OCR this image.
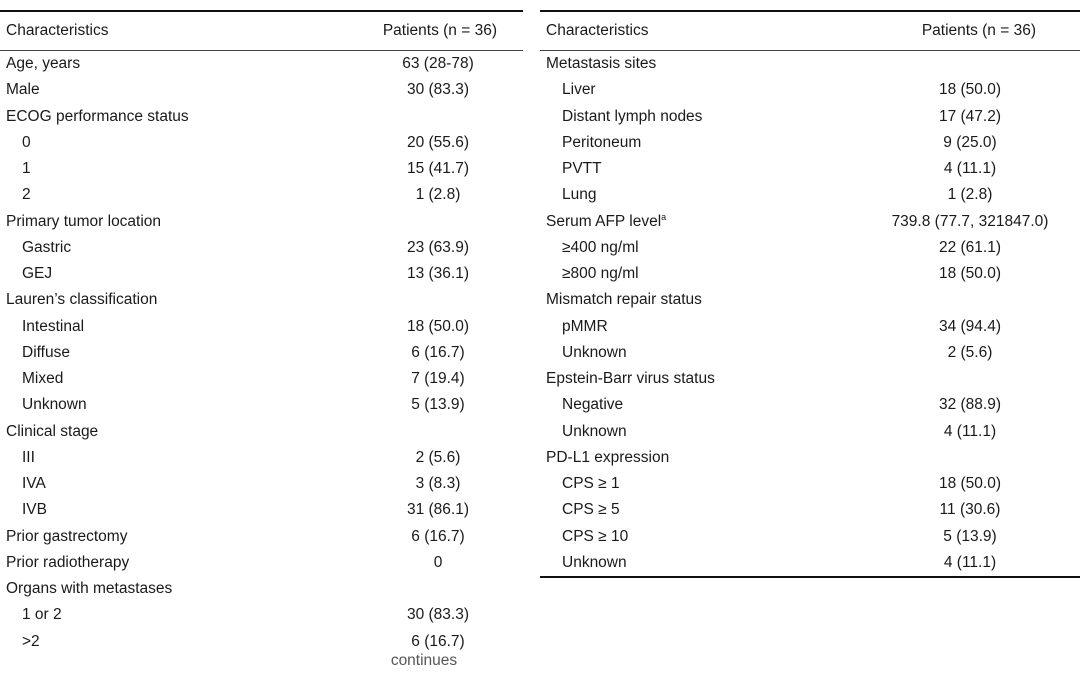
Characteristics	Patients (n = 36)
Age, years	63 (28-78)
Male	30 (83.3)
ECOG performance status
0	20 (55.6)
1	15 (41.7)
2	1 (2.8)
Primary tumor location
Gastric	23 (63.9)
GEJ	13 (36.1)
Lauren’s classification
Intestinal	18 (50.0)
Diffuse	6 (16.7)
Mixed	7 (19.4)
Unknown	5 (13.9)
Clinical stage
III	2 (5.6)
IVA	3 (8.3)
IVB	31 (86.1)
Prior gastrectomy	6 (16.7)
Prior radiotherapy	0
Organs with metastases
1 or 2	30 (83.3)
>2	6 (16.7)
continues
Characteristics	Patients (n = 36)
Metastasis sites
Liver	18 (50.0)
Distant lymph nodes	17 (47.2)
Peritoneum	9 (25.0)
PVTT	4 (11.1)
Lung	1 (2.8)
Serum AFP level$^a$	739.8 (77.7, 321847.0)
≥400 ng/ml	22 (61.1)
≥800 ng/ml	18 (50.0)
Mismatch repair status
pMMR	34 (94.4)
Unknown	2 (5.6)
Epstein-Barr virus status
Negative	32 (88.9)
Unknown	4 (11.1)
PD-L1 expression
CPS ≥ 1	18 (50.0)
CPS ≥ 5	11 (30.6)
CPS ≥ 10	5 (13.9)
Unknown	4 (11.1)
